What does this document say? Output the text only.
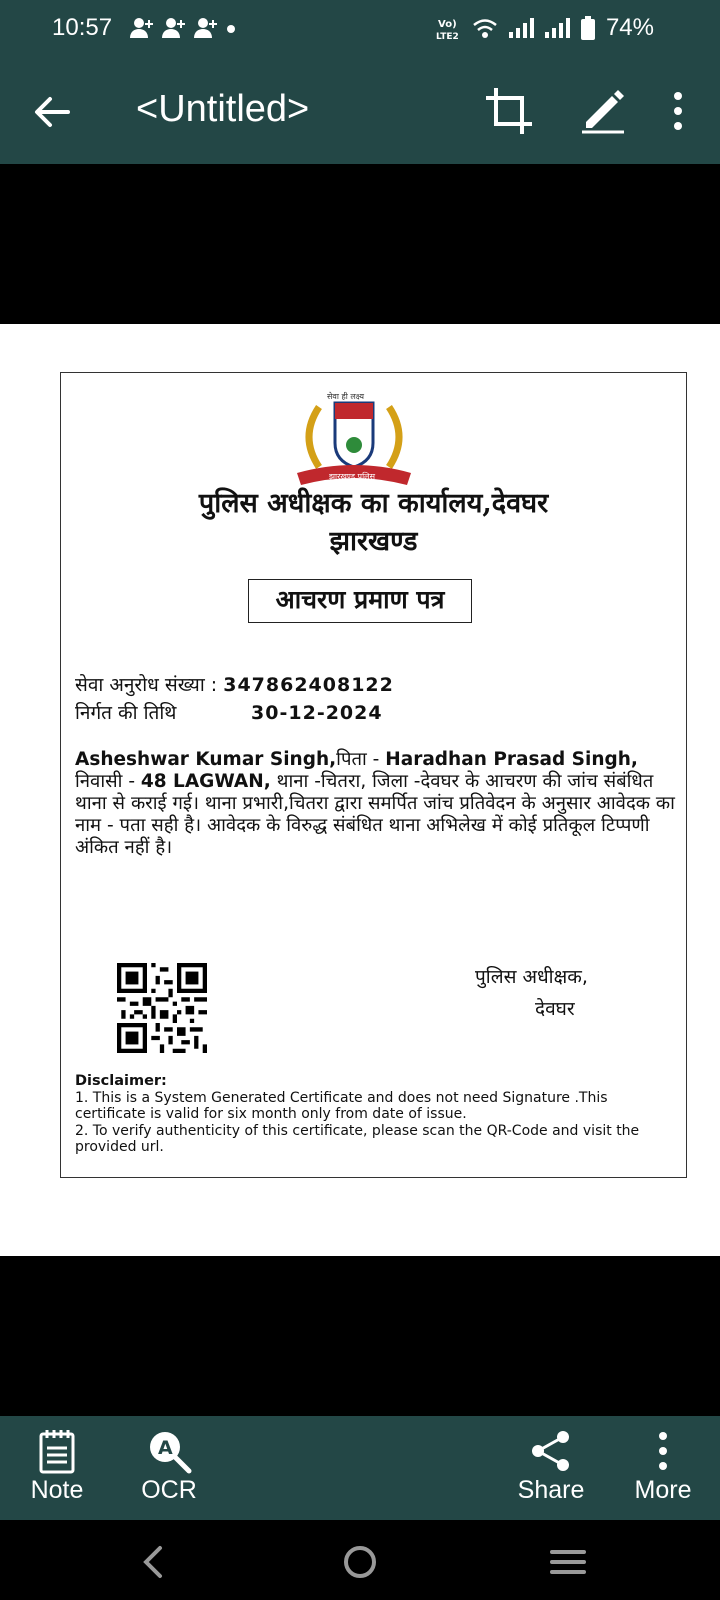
10:57	Vo)
LTE2	74%
<Untitled>
सेवा ही लक्ष्य
झारखण्ड पुलिस
पुलिस अधीक्षक का कार्यालय,देवघर
झारखण्ड
आचरण प्रमाण पत्र
सेवा अनुरोध संख्या : 347862408122
निर्गत की तिथि	30-12-2024
Asheshwar Kumar Singh,पिता - Haradhan Prasad Singh, निवासी - 48 LAGWAN, थाना -चितरा, जिला -देवघर के आचरण की जांच संबंधित थाना से कराई गई। थाना प्रभारी,चितरा द्वारा समर्पित जांच प्रतिवेदन के अनुसार आवेदक का नाम - पता सही है। आवेदक के विरुद्ध संबंधित थाना अभिलेख में कोई प्रतिकूल टिप्पणी अंकित नहीं है।
पुलिस अधीक्षक,
देवघर
Disclaimer:
1. This is a System Generated Certificate and does not need Signature .This certificate is valid for six month only from date of issue.
2. To verify authenticity of this certificate, please scan the QR-Code and visit the provided url.
Note
A
OCR	Share	More
